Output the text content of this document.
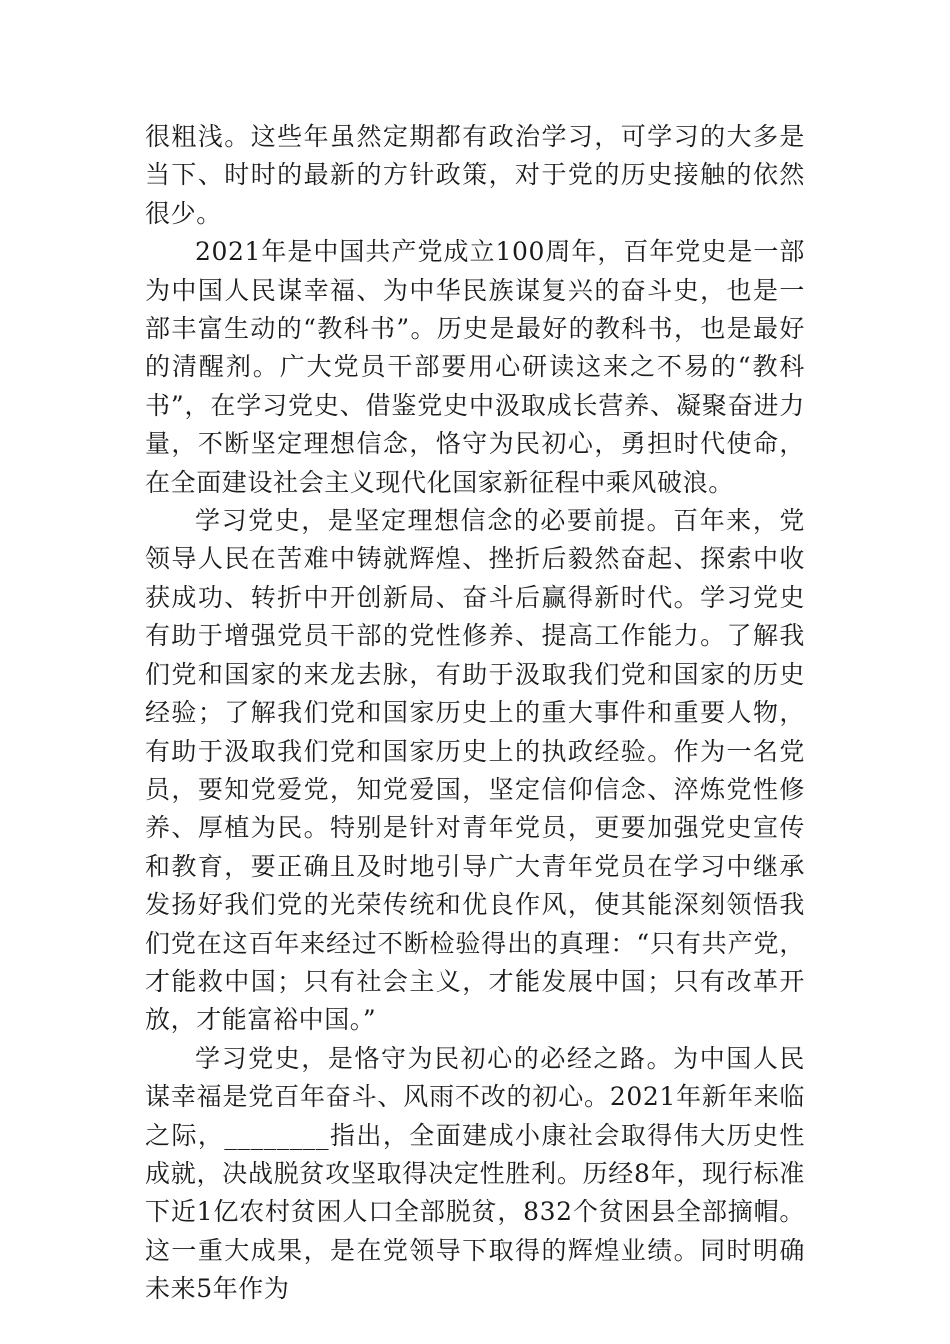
很粗浅。这些年虽然定期都有政治学习，可学习的大多是当下、时时的最新的方针政策，对于党的历史接触的依然很少。

2021年是中国共产党成立100周年，百年党史是一部为中国人民谋幸福、为中华民族谋复兴的奋斗史，也是一部丰富生动的“教科书”。历史是最好的教科书，也是最好的清醒剂。广大党员干部要用心研读这来之不易的“教科书”，在学习党史、借鉴党史中汲取成长营养、凝聚奋进力量，不断坚定理想信念，恪守为民初心，勇担时代使命，在全面建设社会主义现代化国家新征程中乘风破浪。

学习党史，是坚定理想信念的必要前提。百年来，党领导人民在苦难中铸就辉煌、挫折后毅然奋起、探索中收获成功、转折中开创新局、奋斗后赢得新时代。学习党史有助于增强党员干部的党性修养、提高工作能力。了解我们党和国家的来龙去脉，有助于汲取我们党和国家的历史经验；了解我们党和国家历史上的重大事件和重要人物，有助于汲取我们党和国家历史上的执政经验。作为一名党员，要知党爱党，知党爱国，坚定信仰信念、淬炼党性修养、厚植为民。特别是针对青年党员，更要加强党史宣传和教育，要正确且及时地引导广大青年党员在学习中继承发扬好我们党的光荣传统和优良作风，使其能深刻领悟我们党在这百年来经过不断检验得出的真理：“只有共产党，才能救中国；只有社会主义，才能发展中国；只有改革开放，才能富裕中国。”

学习党史，是恪守为民初心的必经之路。为中国人民谋幸福是党百年奋斗、风雨不改的初心。2021年新年来临之际，________指出，全面建成小康社会取得伟大历史性成就，决战脱贫攻坚取得决定性胜利。历经8年，现行标准下近1亿农村贫困人口全部脱贫，832个贫困县全部摘帽。这一重大成果，是在党领导下取得的辉煌业绩。同时明确未来5年作为
